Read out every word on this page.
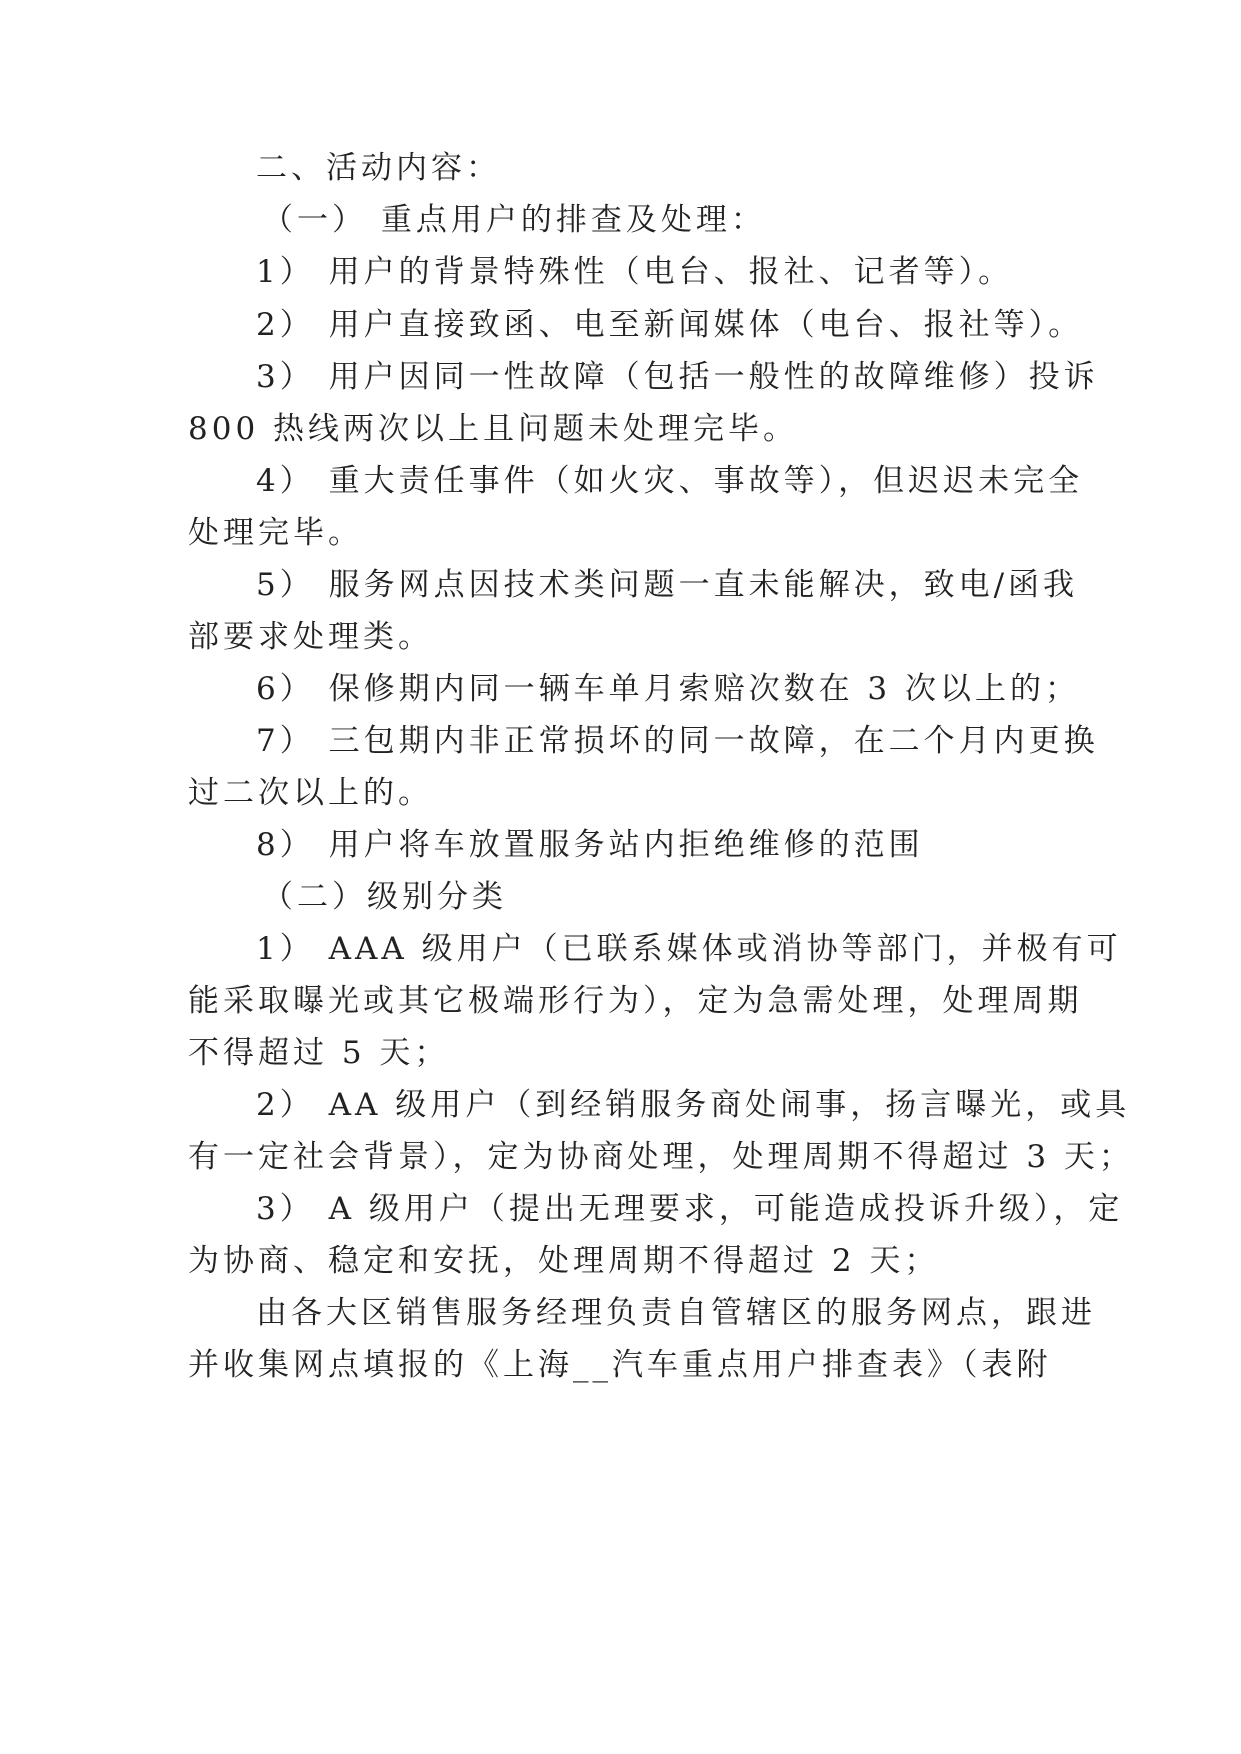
二、活动内容：
（一） 重点用户的排查及处理：
1） 用户的背景特殊性（电台、报社、记者等）。
2） 用户直接致函、电至新闻媒体（电台、报社等）。
3） 用户因同一性故障（包括一般性的故障维修）投诉
800 热线两次以上且问题未处理完毕。
4） 重大责任事件（如火灾、事故等），但迟迟未完全
处理完毕。
5） 服务网点因技术类问题一直未能解决，致电/函我
部要求处理类。
6） 保修期内同一辆车单月索赔次数在 3 次以上的；
7） 三包期内非正常损坏的同一故障，在二个月内更换
过二次以上的。
8） 用户将车放置服务站内拒绝维修的范围
（二）级别分类
1） AAA 级用户（已联系媒体或消协等部门，并极有可
能采取曝光或其它极端形行为），定为急需处理，处理周期
不得超过 5 天；
2） AA 级用户（到经销服务商处闹事，扬言曝光，或具
有一定社会背景），定为协商处理，处理周期不得超过 3 天；
3） A 级用户（提出无理要求，可能造成投诉升级），定
为协商、稳定和安抚，处理周期不得超过 2 天；
由各大区销售服务经理负责自管辖区的服务网点，跟进
并收集网点填报的《上海__汽车重点用户排查表》（表附
